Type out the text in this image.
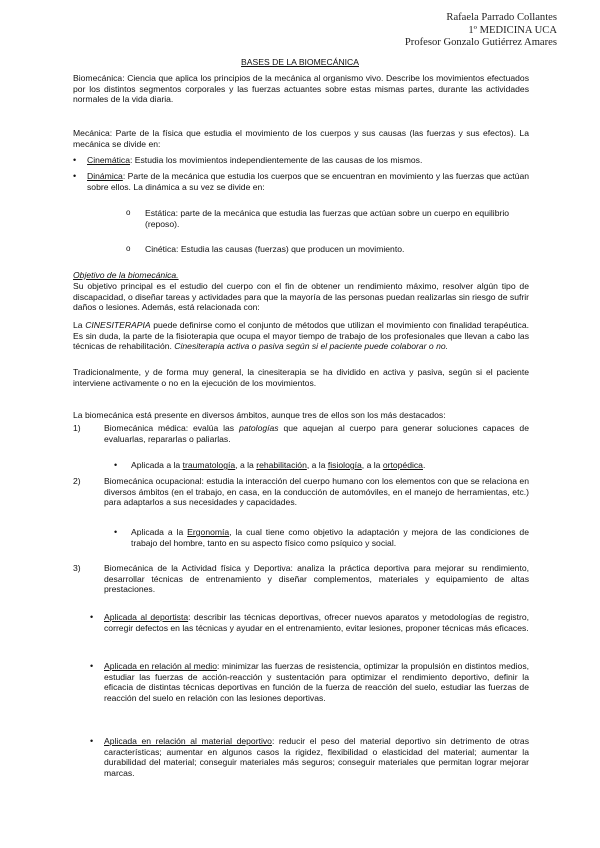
Rafaela Parrado Collantes
1º MEDICINA UCA
Profesor Gonzalo Gutiérrez Amares
BASES DE LA BIOMECÁNICA
Biomecánica: Ciencia que aplica los principios de la mecánica al organismo vivo. Describe los movimientos efectuados por los distintos segmentos corporales y las fuerzas actuantes sobre estas mismas partes, durante las actividades normales de la vida diaria.
Mecánica: Parte de la física que estudia el movimiento de los cuerpos y sus causas (las fuerzas y sus efectos). La mecánica se divide en:
• Cinemática: Estudia los movimientos independientemente de las causas de los mismos.
• Dinámica: Parte de la mecánica que estudia los cuerpos que se encuentran en movimiento y las fuerzas que actúan sobre ellos. La dinámica a su vez se divide en:
o Estática: parte de la mecánica que estudia las fuerzas que actúan sobre un cuerpo en equilibrio (reposo).
o Cinética: Estudia las causas (fuerzas) que producen un movimiento.
Objetivo de la biomecánica.
Su objetivo principal es el estudio del cuerpo con el fin de obtener un rendimiento máximo, resolver algún tipo de discapacidad, o diseñar tareas y actividades para que la mayoría de las personas puedan realizarlas sin riesgo de sufrir daños o lesiones. Además, está relacionada con:
La CINESITERAPIA puede definirse como el conjunto de métodos que utilizan el movimiento con finalidad terapéutica. Es sin duda, la parte de la fisioterapia que ocupa el mayor tiempo de trabajo de los profesionales que llevan a cabo las técnicas de rehabilitación. Cinesiterapia activa o pasiva según si el paciente puede colaborar o no.
Tradicionalmente, y de forma muy general, la cinesiterapia se ha dividido en activa y pasiva, según si el paciente interviene activamente o no en la ejecución de los movimientos.
La biomecánica está presente en diversos ámbitos, aunque tres de ellos son los más destacados:
1)	Biomecánica médica: evalúa las patologías que aquejan al cuerpo para generar soluciones capaces de evaluarlas, repararlas o paliarlas.
• Aplicada a la traumatología, a la rehabilitación, a la fisiología, a la ortopédica.
2)	Biomecánica ocupacional: estudia la interacción del cuerpo humano con los elementos con que se relaciona en diversos ámbitos (en el trabajo, en casa, en la conducción de automóviles, en el manejo de herramientas, etc.) para adaptarlos a sus necesidades y capacidades.
• Aplicada a la Ergonomía, la cual tiene como objetivo la adaptación y mejora de las condiciones de trabajo del hombre, tanto en su aspecto físico como psíquico y social.
3)	Biomecánica de la Actividad física y Deportiva: analiza la práctica deportiva para mejorar su rendimiento, desarrollar técnicas de entrenamiento y diseñar complementos, materiales y equipamiento de altas prestaciones.
• Aplicada al deportista: describir las técnicas deportivas, ofrecer nuevos aparatos y metodologías de registro, corregir defectos en las técnicas y ayudar en el entrenamiento, evitar lesiones, proponer técnicas más eficaces.
• Aplicada en relación al medio: minimizar las fuerzas de resistencia, optimizar la propulsión en distintos medios, estudiar las fuerzas de acción-reacción y sustentación para optimizar el rendimiento deportivo, definir la eficacia de distintas técnicas deportivas en función de la fuerza de reacción del suelo, estudiar las fuerzas de reacción del suelo en relación con las lesiones deportivas.
• Aplicada en relación al material deportivo: reducir el peso del material deportivo sin detrimento de otras características; aumentar en algunos casos la rigidez, flexibilidad o elasticidad del material; aumentar la durabilidad del material; conseguir materiales más seguros; conseguir materiales que permitan lograr mejorar marcas.
